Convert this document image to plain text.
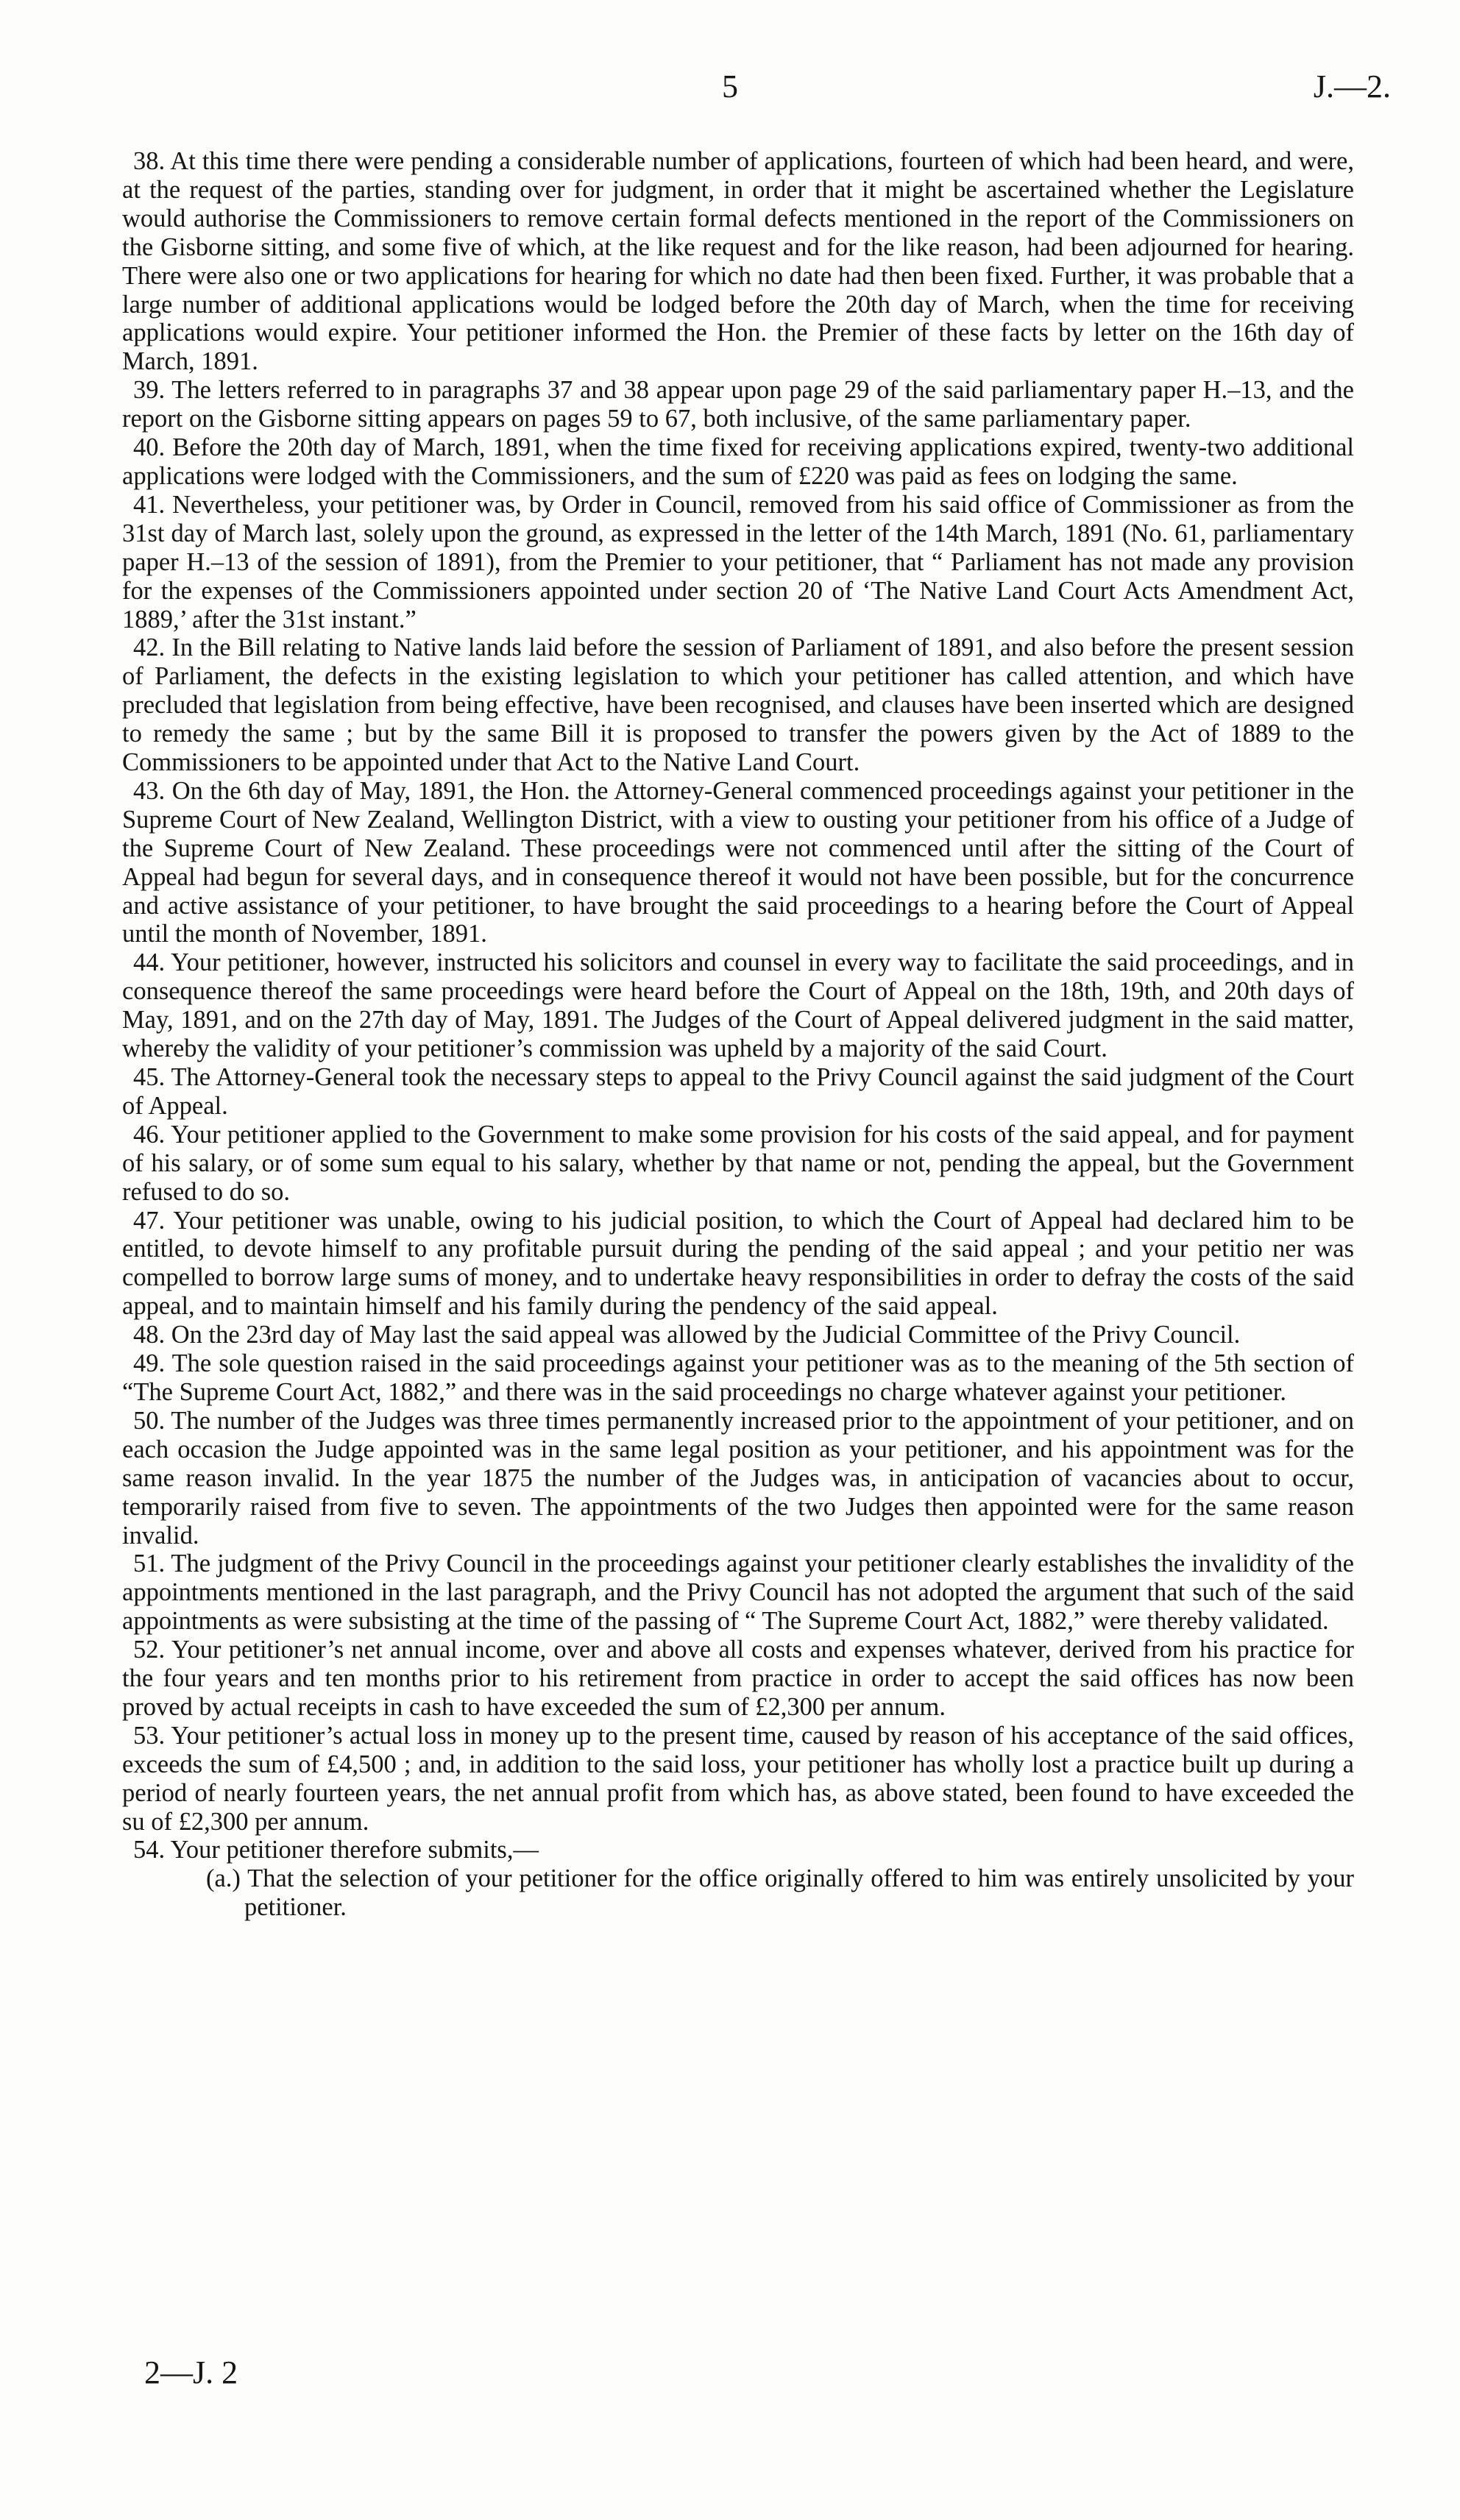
5	J.—2.

38. At this time there were pending a considerable number of applications, fourteen of which had been heard, and were, at the request of the parties, standing over for judgment, in order that it might be ascertained whether the Legislature would authorise the Commissioners to remove certain formal defects mentioned in the report of the Commissioners on the Gisborne sitting, and some five of which, at the like request and for the like reason, had been adjourned for hearing. There were also one or two applications for hearing for which no date had then been fixed. Further, it was probable that a large number of additional applications would be lodged before the 20th day of March, when the time for receiving applications would expire. Your petitioner informed the Hon. the Premier of these facts by letter on the 16th day of March, 1891.

39. The letters referred to in paragraphs 37 and 38 appear upon page 29 of the said parliamentary paper H.–13, and the report on the Gisborne sitting appears on pages 59 to 67, both inclusive, of the same parliamentary paper.

40. Before the 20th day of March, 1891, when the time fixed for receiving applications expired, twenty-two additional applications were lodged with the Commissioners, and the sum of £220 was paid as fees on lodging the same.

41. Nevertheless, your petitioner was, by Order in Council, removed from his said office of Commissioner as from the 31st day of March last, solely upon the ground, as expressed in the letter of the 14th March, 1891 (No. 61, parliamentary paper H.–13 of the session of 1891), from the Premier to your petitioner, that “ Parliament has not made any provision for the expenses of the Commissioners appointed under section 20 of ‘The Native Land Court Acts Amendment Act, 1889,’ after the 31st instant.”

42. In the Bill relating to Native lands laid before the session of Parliament of 1891, and also before the present session of Parliament, the defects in the existing legislation to which your petitioner has called attention, and which have precluded that legislation from being effective, have been recognised, and clauses have been inserted which are designed to remedy the same ; but by the same Bill it is proposed to transfer the powers given by the Act of 1889 to the Commissioners to be appointed under that Act to the Native Land Court.

43. On the 6th day of May, 1891, the Hon. the Attorney-General commenced proceedings against your petitioner in the Supreme Court of New Zealand, Wellington District, with a view to ousting your petitioner from his office of a Judge of the Supreme Court of New Zealand. These proceedings were not commenced until after the sitting of the Court of Appeal had begun for several days, and in consequence thereof it would not have been possible, but for the concurrence and active assistance of your petitioner, to have brought the said proceedings to a hearing before the Court of Appeal until the month of November, 1891.

44. Your petitioner, however, instructed his solicitors and counsel in every way to facilitate the said proceedings, and in consequence thereof the same proceedings were heard before the Court of Appeal on the 18th, 19th, and 20th days of May, 1891, and on the 27th day of May, 1891. The Judges of the Court of Appeal delivered judgment in the said matter, whereby the validity of your petitioner’s commission was upheld by a majority of the said Court.

45. The Attorney-General took the necessary steps to appeal to the Privy Council against the said judgment of the Court of Appeal.

46. Your petitioner applied to the Government to make some provision for his costs of the said appeal, and for payment of his salary, or of some sum equal to his salary, whether by that name or not, pending the appeal, but the Government refused to do so.

47. Your petitioner was unable, owing to his judicial position, to which the Court of Appeal had declared him to be entitled, to devote himself to any profitable pursuit during the pending of the said appeal ; and your petitio ner was compelled to borrow large sums of money, and to undertake heavy responsibilities in order to defray the costs of the said appeal, and to maintain himself and his family during the pendency of the said appeal.

48. On the 23rd day of May last the said appeal was allowed by the Judicial Committee of the Privy Council.

49. The sole question raised in the said proceedings against your petitioner was as to the meaning of the 5th section of “The Supreme Court Act, 1882,” and there was in the said proceedings no charge whatever against your petitioner.

50. The number of the Judges was three times permanently increased prior to the appointment of your petitioner, and on each occasion the Judge appointed was in the same legal position as your petitioner, and his appointment was for the same reason invalid. In the year 1875 the number of the Judges was, in anticipation of vacancies about to occur, temporarily raised from five to seven. The appointments of the two Judges then appointed were for the same reason invalid.

51. The judgment of the Privy Council in the proceedings against your petitioner clearly establishes the invalidity of the appointments mentioned in the last paragraph, and the Privy Council has not adopted the argument that such of the said appointments as were subsisting at the time of the passing of “ The Supreme Court Act, 1882,” were thereby validated.

52. Your petitioner’s net annual income, over and above all costs and expenses whatever, derived from his practice for the four years and ten months prior to his retirement from practice in order to accept the said offices has now been proved by actual receipts in cash to have exceeded the sum of £2,300 per annum.

53. Your petitioner’s actual loss in money up to the present time, caused by reason of his acceptance of the said offices, exceeds the sum of £4,500 ; and, in addition to the said loss, your petitioner has wholly lost a practice built up during a period of nearly fourteen years, the net annual profit from which has, as above stated, been found to have exceeded the su of £2,300 per annum.

54. Your petitioner therefore submits,—

(a.) That the selection of your petitioner for the office originally offered to him was entirely unsolicited by your petitioner.

2—J. 2
